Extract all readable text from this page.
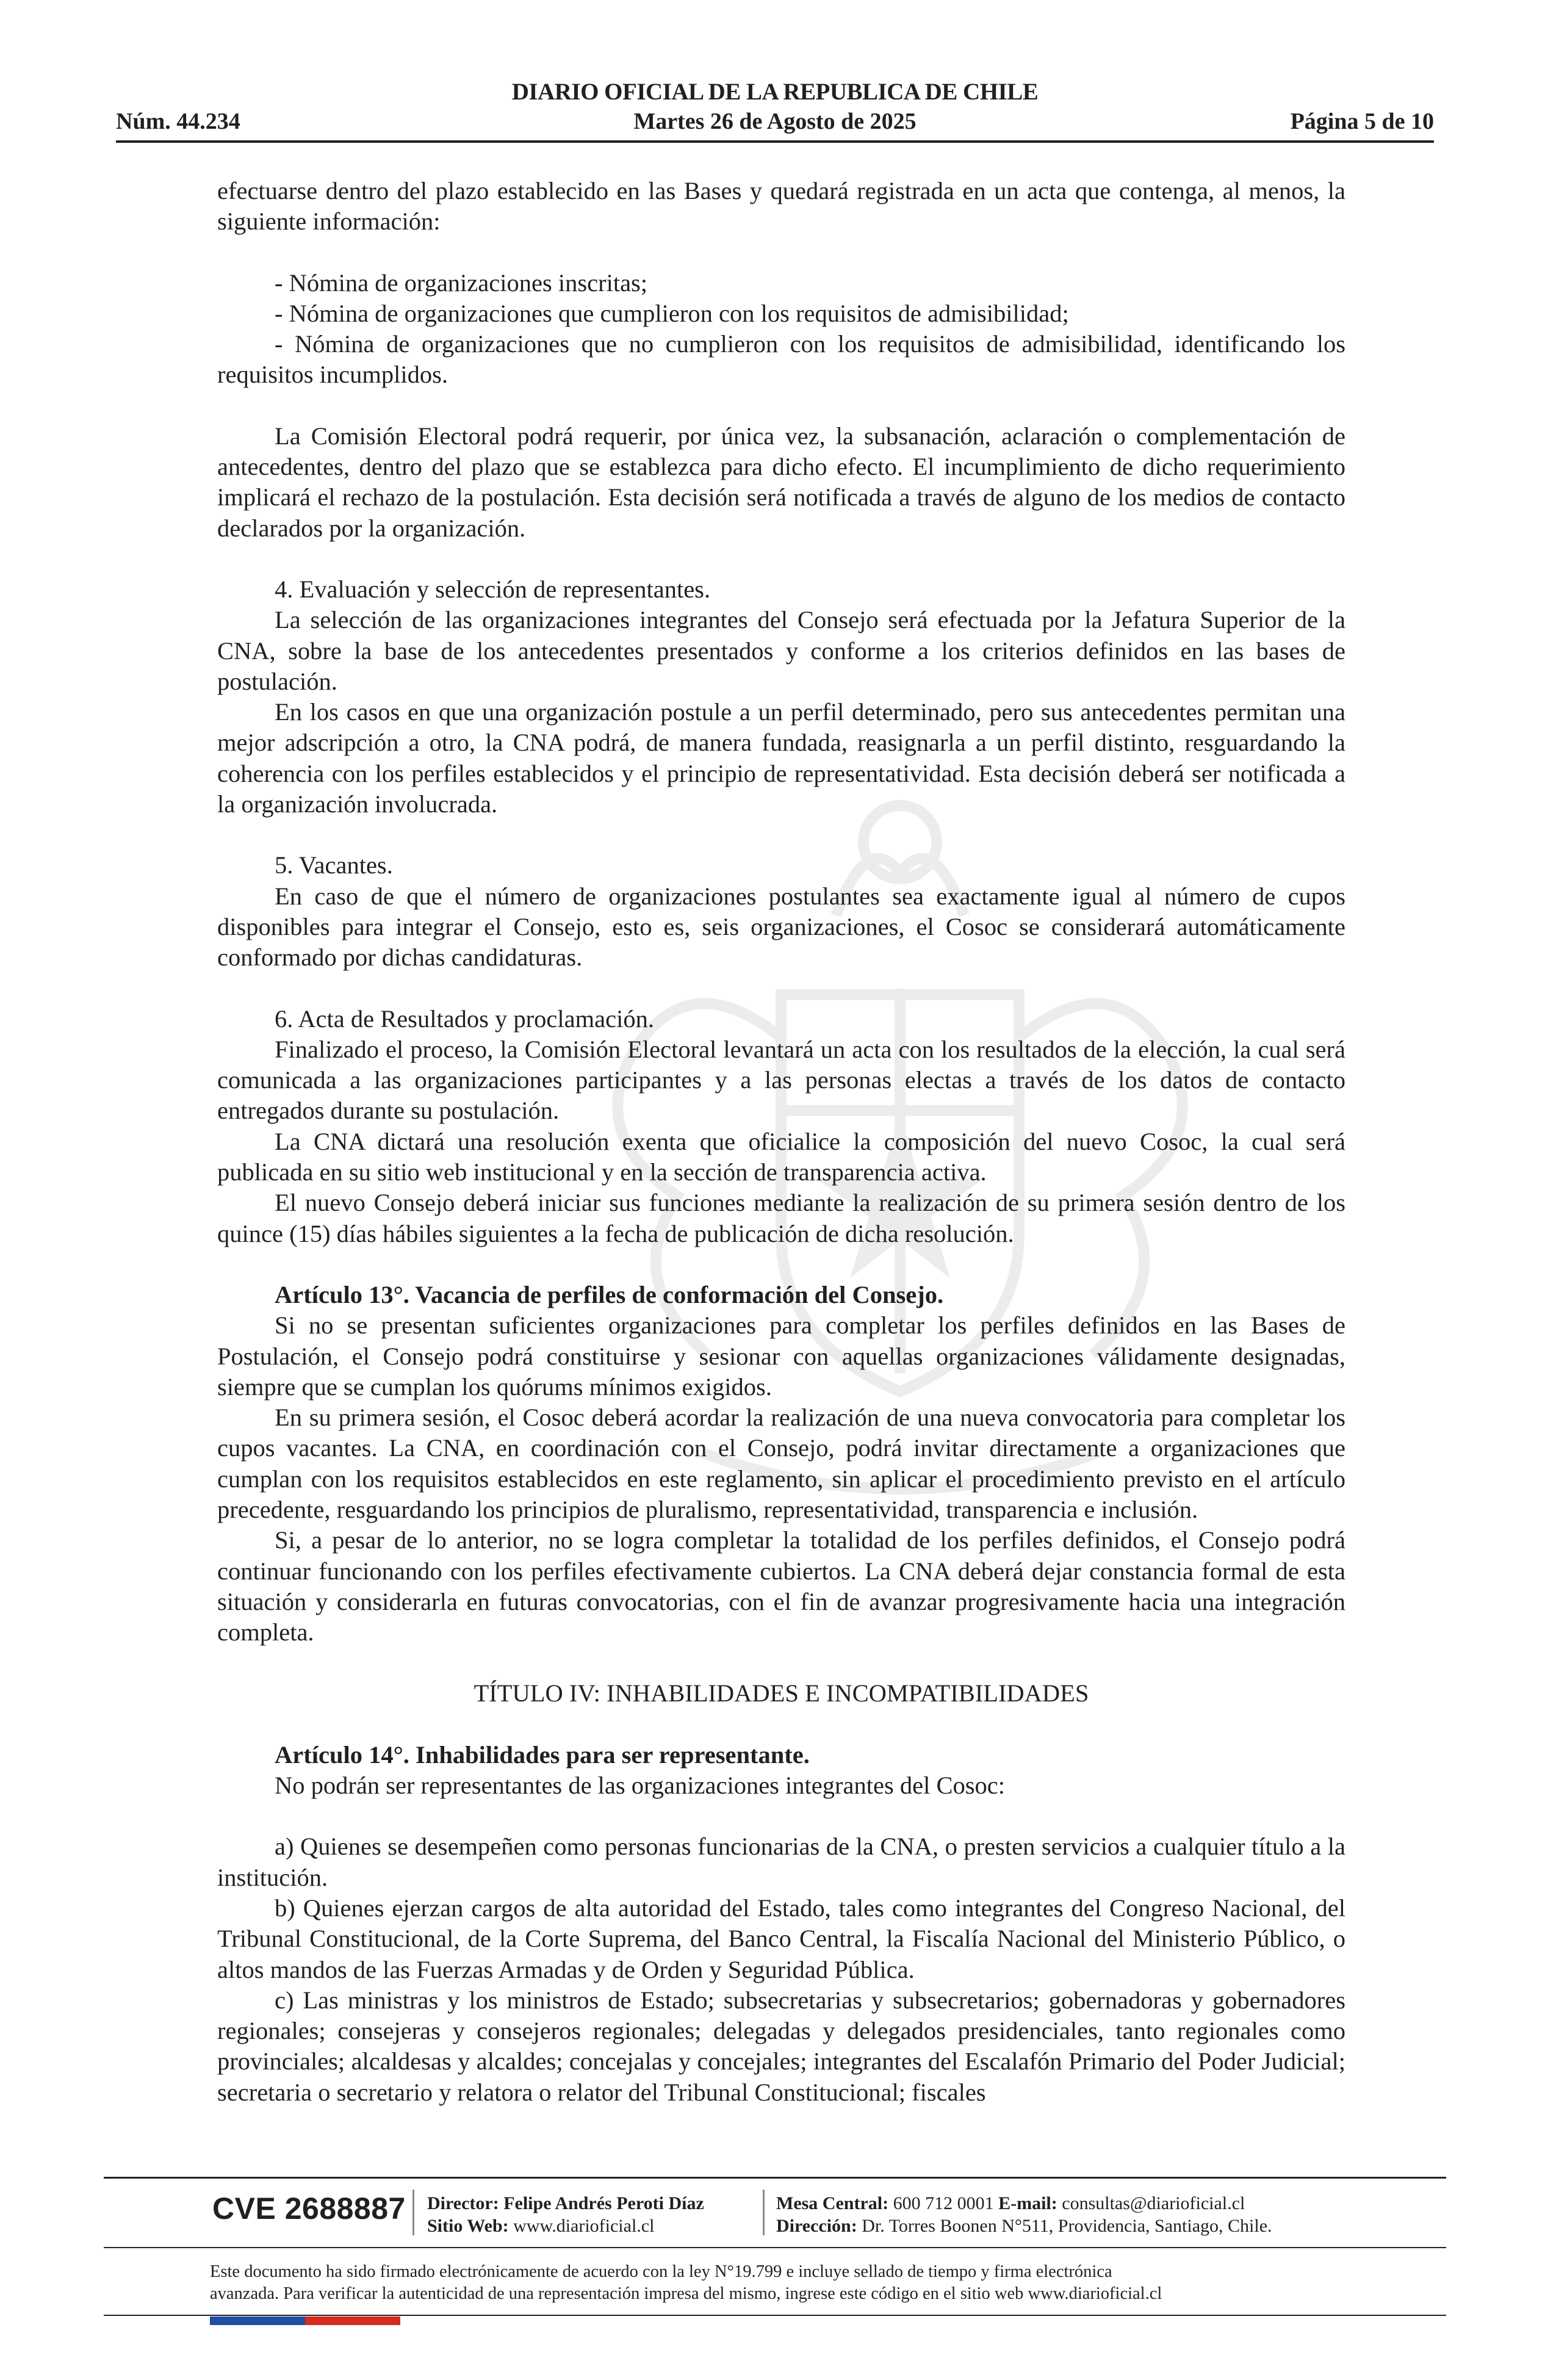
DIARIO OFICIAL DE LA REPUBLICA DE CHILE
Núm. 44.234	Martes 26 de Agosto de 2025	Página 5 de 10

efectuarse dentro del plazo establecido en las Bases y quedará registrada en un acta que contenga, al menos, la siguiente información:

- Nómina de organizaciones inscritas;

- Nómina de organizaciones que cumplieron con los requisitos de admisibilidad;

- Nómina de organizaciones que no cumplieron con los requisitos de admisibilidad, identificando los requisitos incumplidos.

La Comisión Electoral podrá requerir, por única vez, la subsanación, aclaración o complementación de antecedentes, dentro del plazo que se establezca para dicho efecto. El incumplimiento de dicho requerimiento implicará el rechazo de la postulación. Esta decisión será notificada a través de alguno de los medios de contacto declarados por la organización.

4. Evaluación y selección de representantes.

La selección de las organizaciones integrantes del Consejo será efectuada por la Jefatura Superior de la CNA, sobre la base de los antecedentes presentados y conforme a los criterios definidos en las bases de postulación.

En los casos en que una organización postule a un perfil determinado, pero sus antecedentes permitan una mejor adscripción a otro, la CNA podrá, de manera fundada, reasignarla a un perfil distinto, resguardando la coherencia con los perfiles establecidos y el principio de representatividad. Esta decisión deberá ser notificada a la organización involucrada.

5. Vacantes.

En caso de que el número de organizaciones postulantes sea exactamente igual al número de cupos disponibles para integrar el Consejo, esto es, seis organizaciones, el Cosoc se considerará automáticamente conformado por dichas candidaturas.

6. Acta de Resultados y proclamación.

Finalizado el proceso, la Comisión Electoral levantará un acta con los resultados de la elección, la cual será comunicada a las organizaciones participantes y a las personas electas a través de los datos de contacto entregados durante su postulación.

La CNA dictará una resolución exenta que oficialice la composición del nuevo Cosoc, la cual será publicada en su sitio web institucional y en la sección de transparencia activa.

El nuevo Consejo deberá iniciar sus funciones mediante la realización de su primera sesión dentro de los quince (15) días hábiles siguientes a la fecha de publicación de dicha resolución.

Artículo 13°. Vacancia de perfiles de conformación del Consejo.

Si no se presentan suficientes organizaciones para completar los perfiles definidos en las Bases de Postulación, el Consejo podrá constituirse y sesionar con aquellas organizaciones válidamente designadas, siempre que se cumplan los quórums mínimos exigidos.

En su primera sesión, el Cosoc deberá acordar la realización de una nueva convocatoria para completar los cupos vacantes. La CNA, en coordinación con el Consejo, podrá invitar directamente a organizaciones que cumplan con los requisitos establecidos en este reglamento, sin aplicar el procedimiento previsto en el artículo precedente, resguardando los principios de pluralismo, representatividad, transparencia e inclusión.

Si, a pesar de lo anterior, no se logra completar la totalidad de los perfiles definidos, el Consejo podrá continuar funcionando con los perfiles efectivamente cubiertos. La CNA deberá dejar constancia formal de esta situación y considerarla en futuras convocatorias, con el fin de avanzar progresivamente hacia una integración completa.

TÍTULO IV: INHABILIDADES E INCOMPATIBILIDADES

Artículo 14°. Inhabilidades para ser representante.

No podrán ser representantes de las organizaciones integrantes del Cosoc:

a) Quienes se desempeñen como personas funcionarias de la CNA, o presten servicios a cualquier título a la institución.

b) Quienes ejerzan cargos de alta autoridad del Estado, tales como integrantes del Congreso Nacional, del Tribunal Constitucional, de la Corte Suprema, del Banco Central, la Fiscalía Nacional del Ministerio Público, o altos mandos de las Fuerzas Armadas y de Orden y Seguridad Pública.

c) Las ministras y los ministros de Estado; subsecretarias y subsecretarios; gobernadoras y gobernadores regionales; consejeras y consejeros regionales; delegadas y delegados presidenciales, tanto regionales como provinciales; alcaldesas y alcaldes; concejalas y concejales; integrantes del Escalafón Primario del Poder Judicial; secretaria o secretario y relatora o relator del Tribunal Constitucional; fiscales

CVE 2688887 Director: Felipe Andrés Peroti Díaz
Sitio Web: www.diarioficial.cl
Mesa Central: 600 712 0001 E-mail: consultas@diarioficial.cl
Dirección: Dr. Torres Boonen N°511, Providencia, Santiago, Chile.
Este documento ha sido firmado electrónicamente de acuerdo con la ley N°19.799 e incluye sellado de tiempo y firma electrónica
avanzada. Para verificar la autenticidad de una representación impresa del mismo, ingrese este código en el sitio web www.diarioficial.cl
